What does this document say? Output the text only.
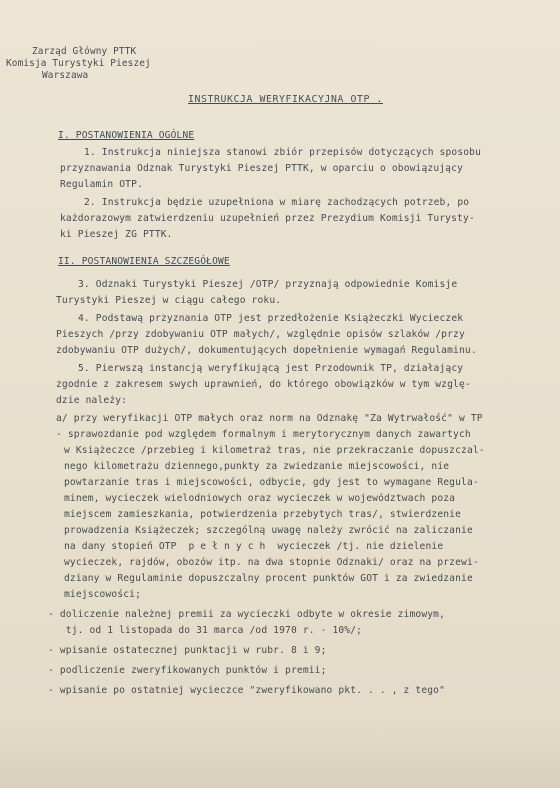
Zarząd Główny PTTK
Komisja Turystyki Pieszej
Warszawa
INSTRUKCJA WERYFIKACYJNA OTP .
I. POSTANOWIENIA OGÓLNE
1. Instrukcja niniejsza stanowi zbiór przepisów dotyczących sposobu
przyznawania Odznak Turystyki Pieszej PTTK, w oparciu o obowiązujący
Regulamin OTP.
2. Instrukcja będzie uzupełniona w miarę zachodzących potrzeb, po
każdorazowym zatwierdzeniu uzupełnień przez Prezydium Komisji Turysty-
ki Pieszej ZG PTTK.
II. POSTANOWIENIA SZCZEGÓŁOWE
3. Odznaki Turystyki Pieszej /OTP/ przyznają odpowiednie Komisje
Turystyki Pieszej w ciągu całego roku.
4. Podstawą przyznania OTP jest przedłożenie Książeczki Wycieczek
Pieszych /przy zdobywaniu OTP małych/, względnie opisów szlaków /przy
zdobywaniu OTP dużych/, dokumentujących dopełnienie wymagań Regulaminu.
5. Pierwszą instancją weryfikującą jest Przodownik TP, działający
zgodnie z zakresem swych uprawnień, do którego obowiązków w tym wzglę-
dzie należy:
a/ przy weryfikacji OTP małych oraz norm na Odznakę "Za Wytrwałość" w TP
- sprawozdanie pod względem formalnym i merytorycznym danych zawartych
w Książeczce /przebieg i kilometraż tras, nie przekraczanie dopuszczal-
nego kilometrażu dziennego,punkty za zwiedzanie miejscowości, nie
powtarzanie tras i miejscowości, odbycie, gdy jest to wymagane Regula-
minem, wycieczek wielodniowych oraz wycieczek w województwach poza
miejscem zamieszkania, potwierdzenia przebytych tras/, stwierdzenie
prowadzenia Książeczek; szczególną uwagę należy zwrócić na zaliczanie
na dany stopień OTP  p e ł n y c h  wycieczek /tj. nie dzielenie
wycieczek, rajdów, obozów itp. na dwa stopnie Odznaki/ oraz na przewi-
dziany w Regulaminie dopuszczalny procent punktów GOT i za zwiedzanie
miejscowości;
- doliczenie należnej premii za wycieczki odbyte w okresie zimowym,
tj. od 1 listopada do 31 marca /od 1970 r. - 10%/;
- wpisanie ostatecznej punktacji w rubr. 8 i 9;
- podliczenie zweryfikowanych punktów i premii;
- wpisanie po ostatniej wycieczce "zweryfikowano pkt. . . , z tego"
